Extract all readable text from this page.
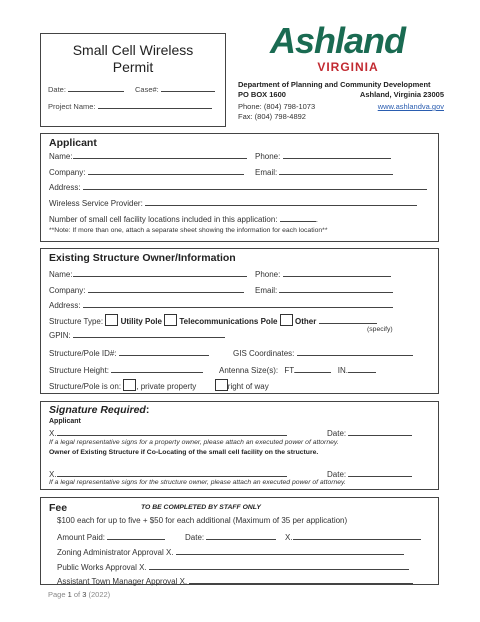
Small Cell Wireless
Permit
Date:	Case#:
Project Name:
Ashland
VIRGINIA
Department of Planning and Community Development
PO BOX 1600	Ashland, Virginia 23005
Phone: (804) 798-1073	www.ashlandva.gov
Fax: (804) 798-4892
Applicant
Name:	Phone:
Company:	Email:
Address:
Wireless Service Provider:
Number of small cell facility locations included in this application:	.
**Note: If more than one, attach a separate sheet showing the information for each location**
Existing Structure Owner/Information
Name:	Phone:
Company:	Email:
Address:
Structure Type: Utility Pole Telecommunications Pole Other
(specify)
GPIN:
Structure/Pole ID#:	GIS Coordinates:
Structure Height:	Antenna Size(s): FT.	IN.
Structure/Pole is on: , private property	right of way
Signature Required:
Applicant
X.	Date:
If a legal representative signs for a property owner, please attach an executed power of attorney.
Owner of Existing Structure if Co-Locating of the small cell facility on the structure.
X.	Date:
If a legal representative signs for the structure owner, please attach an executed power of attorney.
Fee	TO BE COMPLETED BY STAFF ONLY
$100 each for up to five + $50 for each additional (Maximum of 35 per application)
Amount Paid:	Date:	X.
Zoning Administrator Approval X.
Public Works Approval X.
Assistant Town Manager Approval X.
Page 1 of 3 (2022)
